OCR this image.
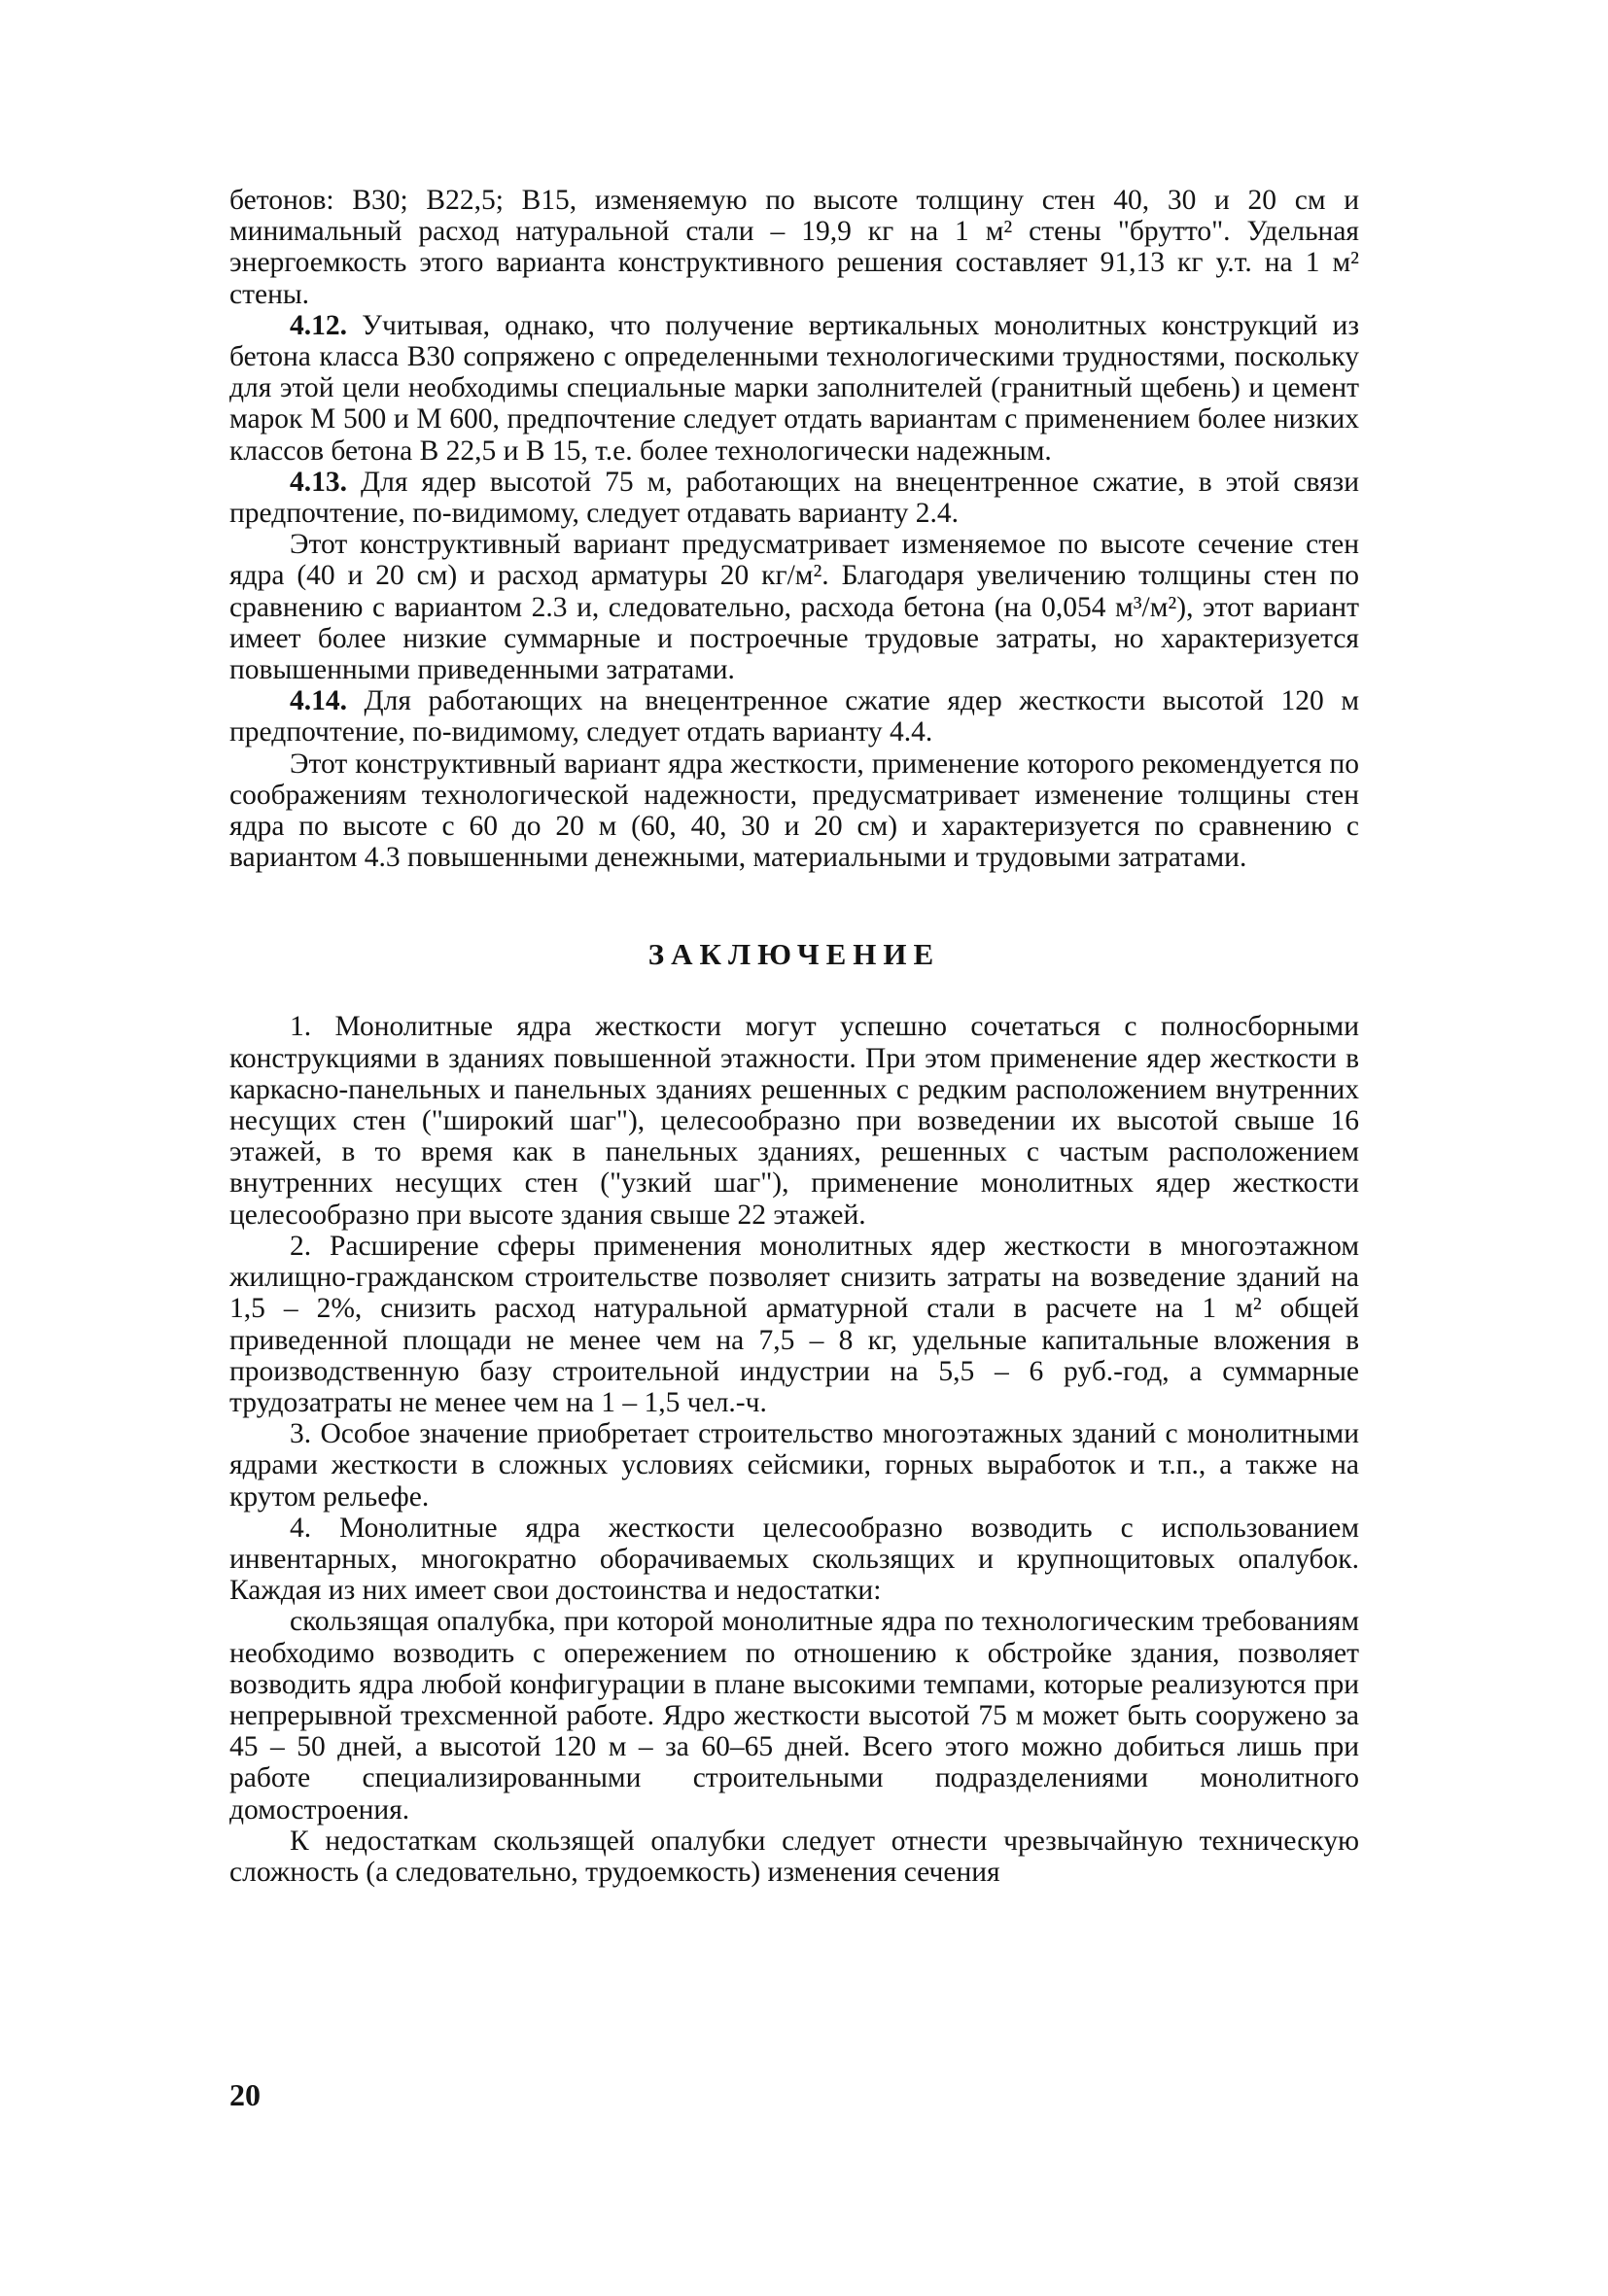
бетонов: В30; В22,5; В15, изменяемую по высоте толщину стен 40, 30 и 20 см и минимальный расход натуральной стали – 19,9 кг на 1 м² стены "брутто". Удельная энергоемкость этого варианта конструктивного решения составляет 91,13 кг у.т. на 1 м² стены.

4.12. Учитывая, однако, что получение вертикальных монолитных конструкций из бетона класса В30 сопряжено с определенными технологическими трудностями, поскольку для этой цели необходимы специальные марки заполнителей (гранитный щебень) и цемент марок М 500 и М 600, предпочтение следует отдать вариантам с применением более низких классов бетона В 22,5 и В 15, т.е. более технологически надежным.

4.13. Для ядер высотой 75 м, работающих на внецентренное сжатие, в этой связи предпочтение, по-видимому, следует отдавать варианту 2.4.

Этот конструктивный вариант предусматривает изменяемое по высоте сечение стен ядра (40 и 20 см) и расход арматуры 20 кг/м². Благодаря увеличению толщины стен по сравнению с вариантом 2.3 и, следовательно, расхода бетона (на 0,054 м³/м²), этот вариант имеет более низкие суммарные и построечные трудовые затраты, но характеризуется повышенными приведенными затратами.

4.14. Для работающих на внецентренное сжатие ядер жесткости высотой 120 м предпочтение, по-видимому, следует отдать варианту 4.4.

Этот конструктивный вариант ядра жесткости, применение которого рекомендуется по соображениям технологической надежности, предусматривает изменение толщины стен ядра по высоте с 60 до 20 м (60, 40, 30 и 20 см) и характеризуется по сравнению с вариантом 4.3 повышенными денежными, материальными и трудовыми затратами.

ЗАКЛЮЧЕНИЕ

1. Монолитные ядра жесткости могут успешно сочетаться с полносборными конструкциями в зданиях повышенной этажности. При этом применение ядер жесткости в каркасно-панельных и панельных зданиях решенных с редким расположением внутренних несущих стен ("широкий шаг"), целесообразно при возведении их высотой свыше 16 этажей, в то время как в панельных зданиях, решенных с частым расположением внутренних несущих стен ("узкий шаг"), применение монолитных ядер жесткости целесообразно при высоте здания свыше 22 этажей.

2. Расширение сферы применения монолитных ядер жесткости в многоэтажном жилищно-гражданском строительстве позволяет снизить затраты на возведение зданий на 1,5 – 2%, снизить расход натуральной арматурной стали в расчете на 1 м² общей приведенной площади не менее чем на 7,5 – 8 кг, удельные капитальные вложения в производственную базу строительной индустрии на 5,5 – 6 руб.-год, а суммарные трудозатраты не менее чем на 1 – 1,5 чел.-ч.

3. Особое значение приобретает строительство многоэтажных зданий с монолитными ядрами жесткости в сложных условиях сейсмики, горных выработок и т.п., а также на крутом рельефе.

4. Монолитные ядра жесткости целесообразно возводить с использованием инвентарных, многократно оборачиваемых скользящих и крупнощитовых опалубок. Каждая из них имеет свои достоинства и недостатки:

скользящая опалубка, при которой монолитные ядра по технологическим требованиям необходимо возводить с опережением по отношению к обстройке здания, позволяет возводить ядра любой конфигурации в плане высокими темпами, которые реализуются при непрерывной трехсменной работе. Ядро жесткости высотой 75 м может быть сооружено за 45 – 50 дней, а высотой 120 м – за 60–65 дней. Всего этого можно добиться лишь при работе специализированными строительными подразделениями монолитного домостроения.

К недостаткам скользящей опалубки следует отнести чрезвычайную техническую сложность (а следовательно, трудоемкость) изменения сечения

20
